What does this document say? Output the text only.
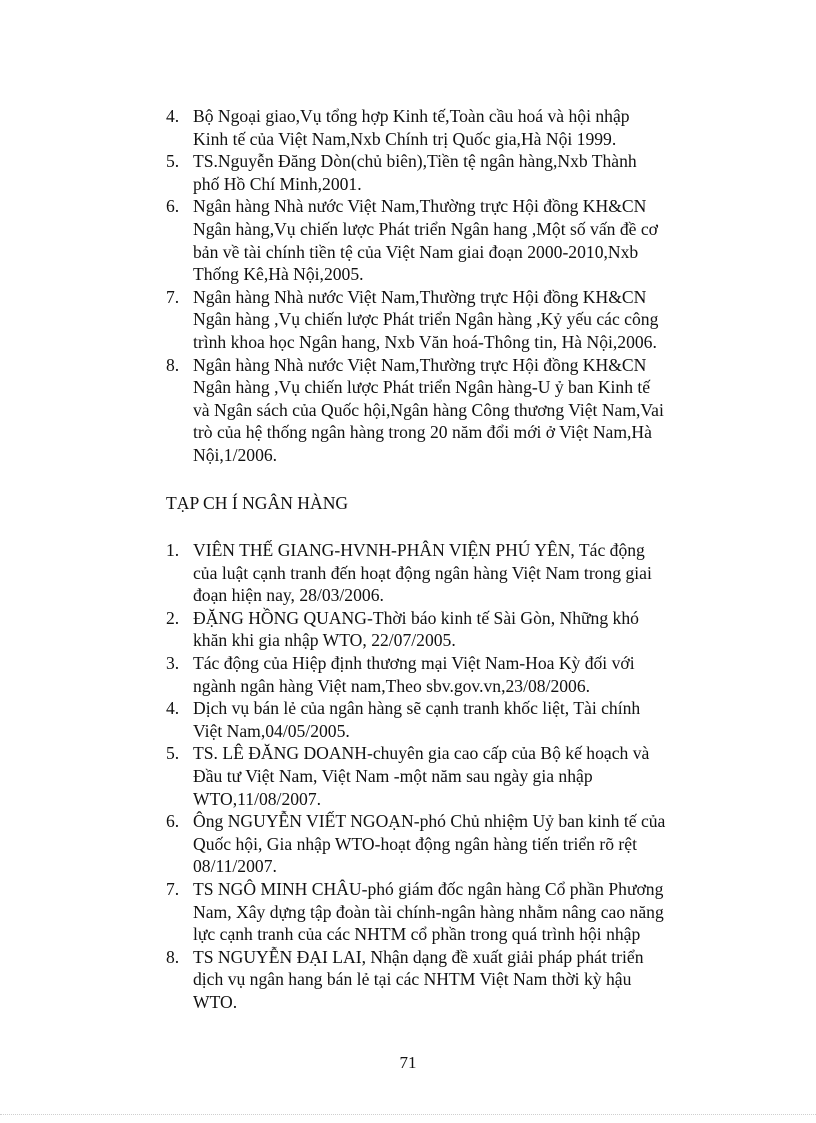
4. Bộ Ngoại giao,Vụ tổng hợp Kinh tế,Toàn cầu hoá và hội nhập
Kinh tế của Việt Nam,Nxb Chính trị Quốc gia,Hà Nội 1999.
5. TS.Nguyễn Đăng Dòn(chủ biên),Tiền tệ ngân hàng,Nxb Thành
phố Hồ Chí Minh,2001.
6. Ngân hàng Nhà nước Việt Nam,Thường trực Hội đồng KH&CN
Ngân hàng,Vụ chiến lược Phát triển Ngân hang ,Một số vấn đề cơ
bản về tài chính tiền tệ của Việt Nam giai đoạn 2000-2010,Nxb
Thống Kê,Hà Nội,2005.
7. Ngân hàng Nhà nước Việt Nam,Thường trực Hội đồng KH&CN
Ngân hàng ,Vụ chiến lược Phát triển Ngân hàng ,Kỷ yếu các công
trình khoa học Ngân hang, Nxb Văn hoá-Thông tin, Hà Nội,2006.
8. Ngân hàng Nhà nước Việt Nam,Thường trực Hội đồng KH&CN
Ngân hàng ,Vụ chiến lược Phát triển Ngân hàng-U ỷ ban Kinh tế
và Ngân sách của Quốc hội,Ngân hàng Công thương Việt Nam,Vai
trò của hệ thống ngân hàng trong 20 năm đổi mới ở Việt Nam,Hà
Nội,1/2006.
TẠP CH Í NGÂN HÀNG
1. VIÊN THẾ GIANG-HVNH-PHÂN VIỆN PHÚ YÊN, Tác động
của luật cạnh tranh đến hoạt động ngân hàng Việt Nam trong giai
đoạn hiện nay, 28/03/2006.
2. ĐẶNG HỒNG QUANG-Thời báo kinh tế Sài Gòn, Những khó
khăn khi gia nhập WTO, 22/07/2005.
3. Tác động của Hiệp định thương mại Việt Nam-Hoa Kỳ đối với
ngành ngân hàng Việt nam,Theo sbv.gov.vn,23/08/2006.
4. Dịch vụ bán lẻ của ngân hàng sẽ cạnh tranh khốc liệt, Tài chính
Việt Nam,04/05/2005.
5. TS. LÊ ĐĂNG DOANH-chuyên gia cao cấp của Bộ kế hoạch và
Đầu tư Việt Nam, Việt Nam -một năm sau ngày gia nhập
WTO,11/08/2007.
6. Ông NGUYỄN VIẾT NGOẠN-phó Chủ nhiệm Uỷ ban kinh tế của
Quốc hội, Gia nhập WTO-hoạt động ngân hàng tiến triển rõ rệt
08/11/2007.
7. TS NGÔ MINH CHÂU-phó giám đốc ngân hàng Cổ phần Phương
Nam, Xây dựng tập đoàn tài chính-ngân hàng nhằm nâng cao năng
lực cạnh tranh của các NHTM cổ phần trong quá trình hội nhập
8. TS NGUYỄN ĐẠI LAI, Nhận dạng đề xuất giải pháp phát triển
dịch vụ ngân hang bán lẻ tại các NHTM Việt Nam thời kỳ hậu
WTO.
71
